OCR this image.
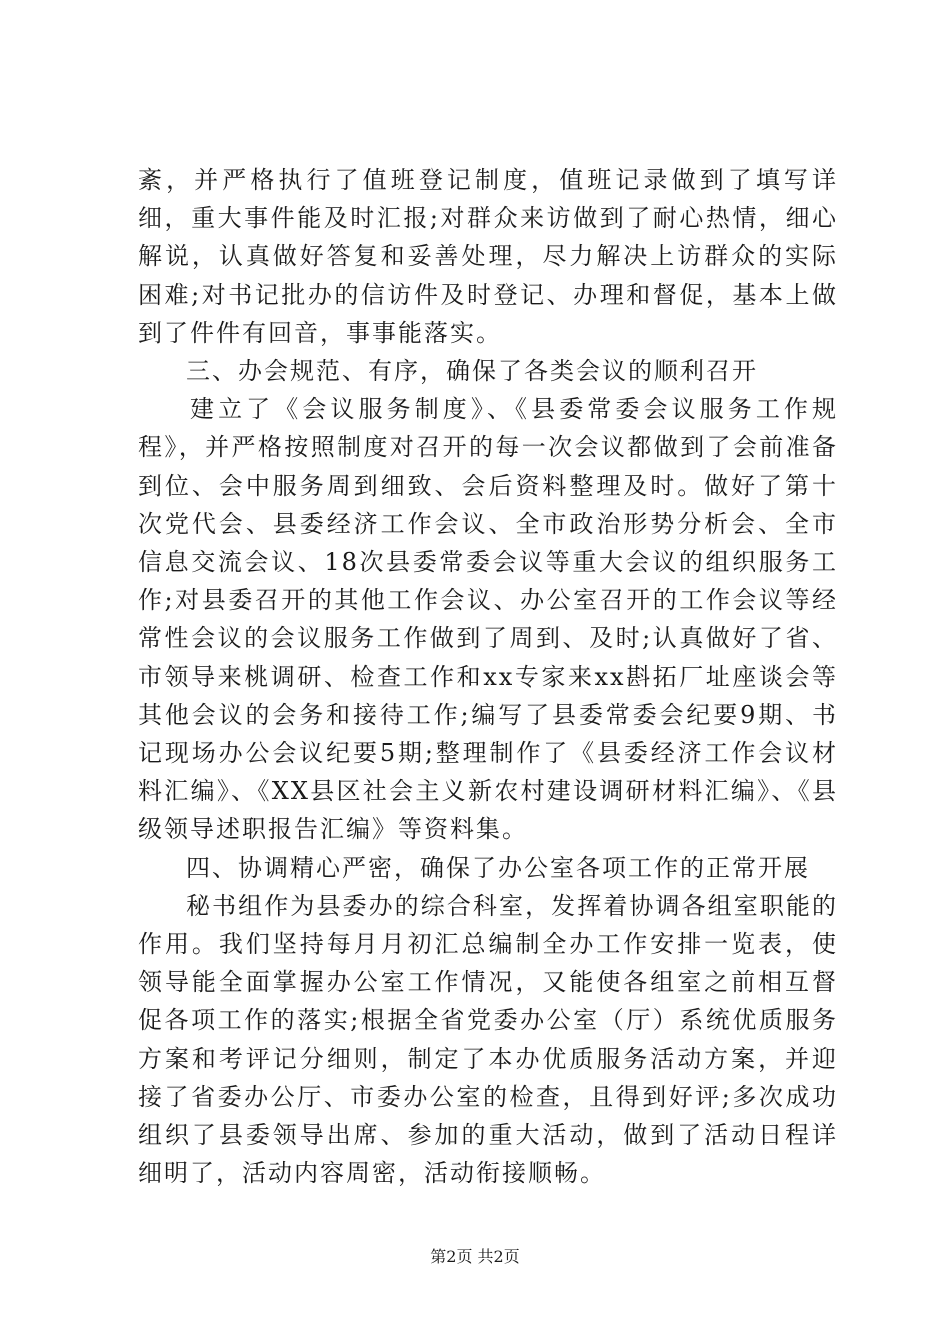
紊，并严格执行了值班登记制度，值班记录做到了填写详细，重大事件能及时汇报;对群众来访做到了耐心热情，细心解说，认真做好答复和妥善处理，尽力解决上访群众的实际困难;对书记批办的信访件及时登记、办理和督促，基本上做到了件件有回音，事事能落实。

三、办会规范、有序，确保了各类会议的顺利召开

建立了《会议服务制度》、《县委常委会议服务工作规程》，并严格按照制度对召开的每一次会议都做到了会前准备到位、会中服务周到细致、会后资料整理及时。做好了第十次党代会、县委经济工作会议、全市政治形势分析会、全市信息交流会议、18次县委常委会议等重大会议的组织服务工作;对县委召开的其他工作会议、办公室召开的工作会议等经常性会议的会议服务工作做到了周到、及时;认真做好了省、市领导来桃调研、检查工作和xx专家来xx斟拓厂址座谈会等其他会议的会务和接待工作;编写了县委常委会纪要9期、书记现场办公会议纪要5期;整理制作了《县委经济工作会议材料汇编》、《XX县区社会主义新农村建设调研材料汇编》、《县级领导述职报告汇编》等资料集。

四、协调精心严密，确保了办公室各项工作的正常开展

秘书组作为县委办的综合科室，发挥着协调各组室职能的作用。我们坚持每月月初汇总编制全办工作安排一览表，使领导能全面掌握办公室工作情况，又能使各组室之前相互督促各项工作的落实;根据全省党委办公室（厅）系统优质服务方案和考评记分细则，制定了本办优质服务活动方案，并迎接了省委办公厅、市委办公室的检查，且得到好评;多次成功组织了县委领导出席、参加的重大活动，做到了活动日程详细明了，活动内容周密，活动衔接顺畅。

第2页 共2页
